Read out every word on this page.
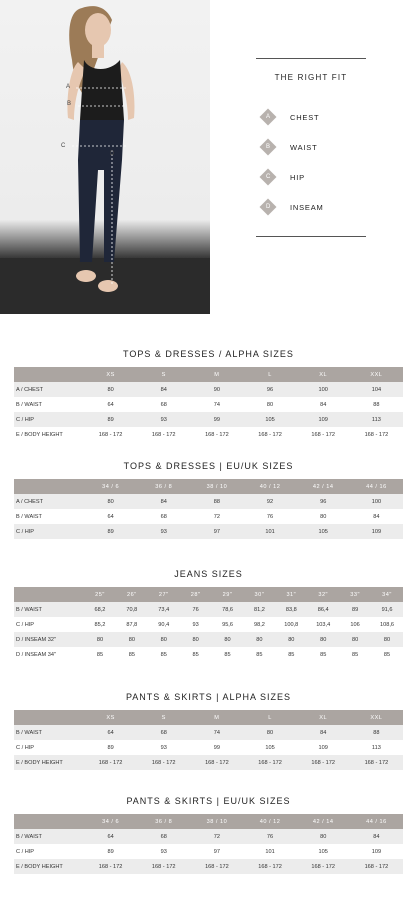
A
B
C
D
THE RIGHT FIT
A	CHEST
B	WAIST
C	HIP
D	INSEAM
TOPS & DRESSES / ALPHA SIZES
	XS	S	M	L	XL	XXL
A / CHEST	80	84	90	96	100	104
B / WAIST	64	68	74	80	84	88
C / HIP	89	93	99	105	109	113
E / BODY HEIGHT	168 - 172	168 - 172	168 - 172	168 - 172	168 - 172	168 - 172
TOPS & DRESSES | EU/UK SIZES
	34 / 6	36 / 8	38 / 10	40 / 12	42 / 14	44 / 16
A / CHEST	80	84	88	92	96	100
B / WAIST	64	68	72	76	80	84
C / HIP	89	93	97	101	105	109
JEANS SIZES
	25"	26"	27"	28"	29"	30"	31"	32"	33"	34"
B / WAIST	68,2	70,8	73,4	76	78,6	81,2	83,8	86,4	89	91,6
C / HIP	85,2	87,8	90,4	93	95,6	98,2	100,8	103,4	106	108,6
D / INSEAM 32"	80	80	80	80	80	80	80	80	80	80
D / INSEAM 34"	85	85	85	85	85	85	85	85	85	85
PANTS & SKIRTS | ALPHA SIZES
	XS	S	M	L	XL	XXL
B / WAIST	64	68	74	80	84	88
C / HIP	89	93	99	105	109	113
E / BODY HEIGHT	168 - 172	168 - 172	168 - 172	168 - 172	168 - 172	168 - 172
PANTS & SKIRTS | EU/UK SIZES
	34 / 6	36 / 8	38 / 10	40 / 12	42 / 14	44 / 16
B / WAIST	64	68	72	76	80	84
C / HIP	89	93	97	101	105	109
E / BODY HEIGHT	168 - 172	168 - 172	168 - 172	168 - 172	168 - 172	168 - 172
